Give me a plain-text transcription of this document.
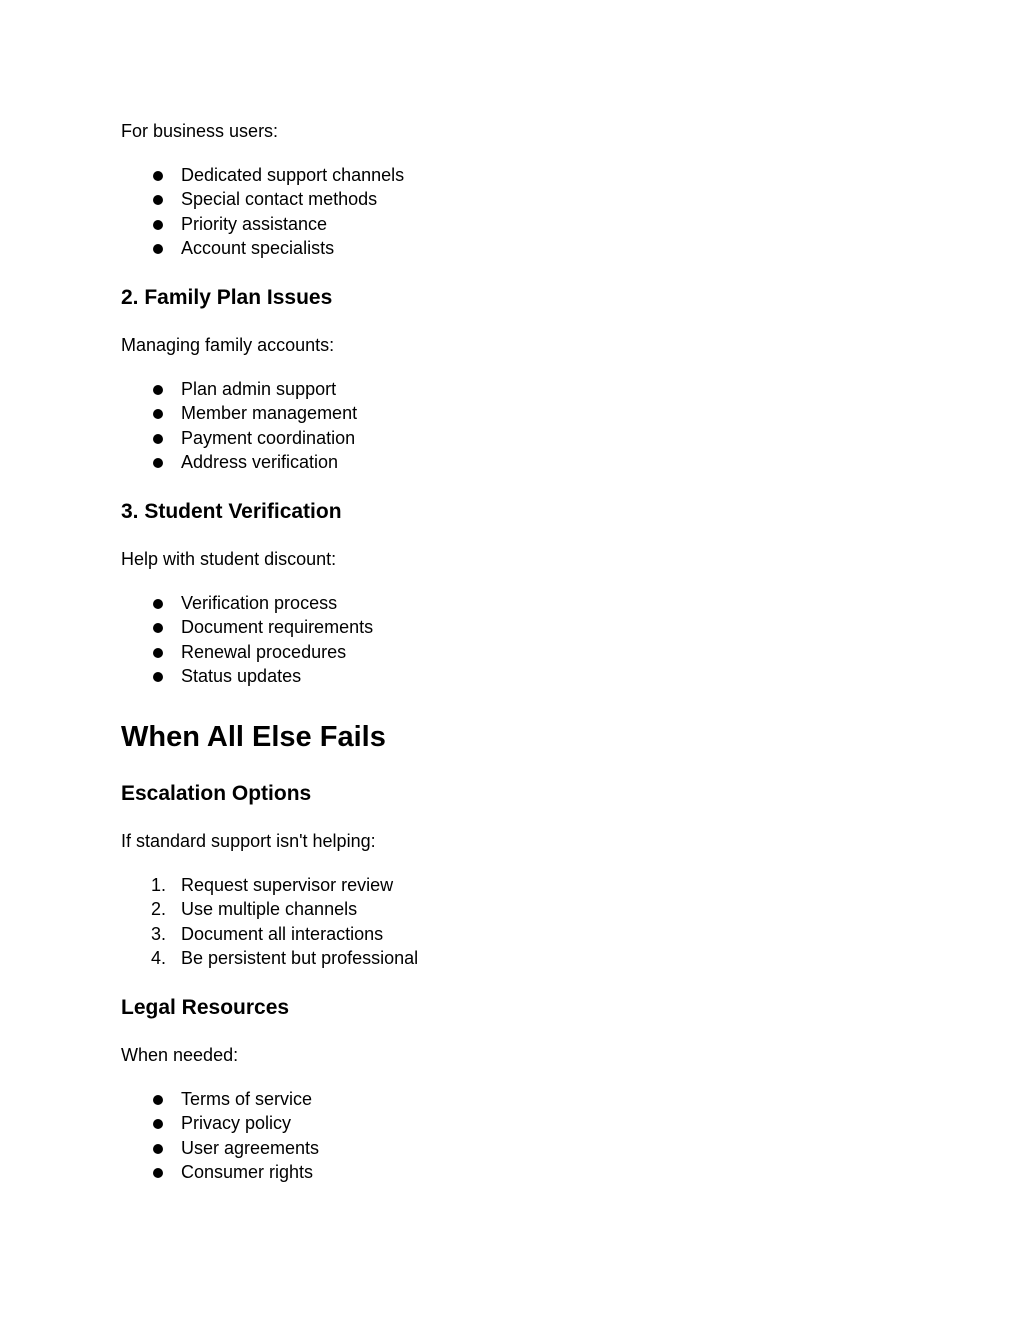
For business users:
Dedicated support channels
Special contact methods
Priority assistance
Account specialists
2. Family Plan Issues
Managing family accounts:
Plan admin support
Member management
Payment coordination
Address verification
3. Student Verification
Help with student discount:
Verification process
Document requirements
Renewal procedures
Status updates
When All Else Fails
Escalation Options
If standard support isn't helping:
1. Request supervisor review
2. Use multiple channels
3. Document all interactions
4. Be persistent but professional
Legal Resources
When needed:
Terms of service
Privacy policy
User agreements
Consumer rights
